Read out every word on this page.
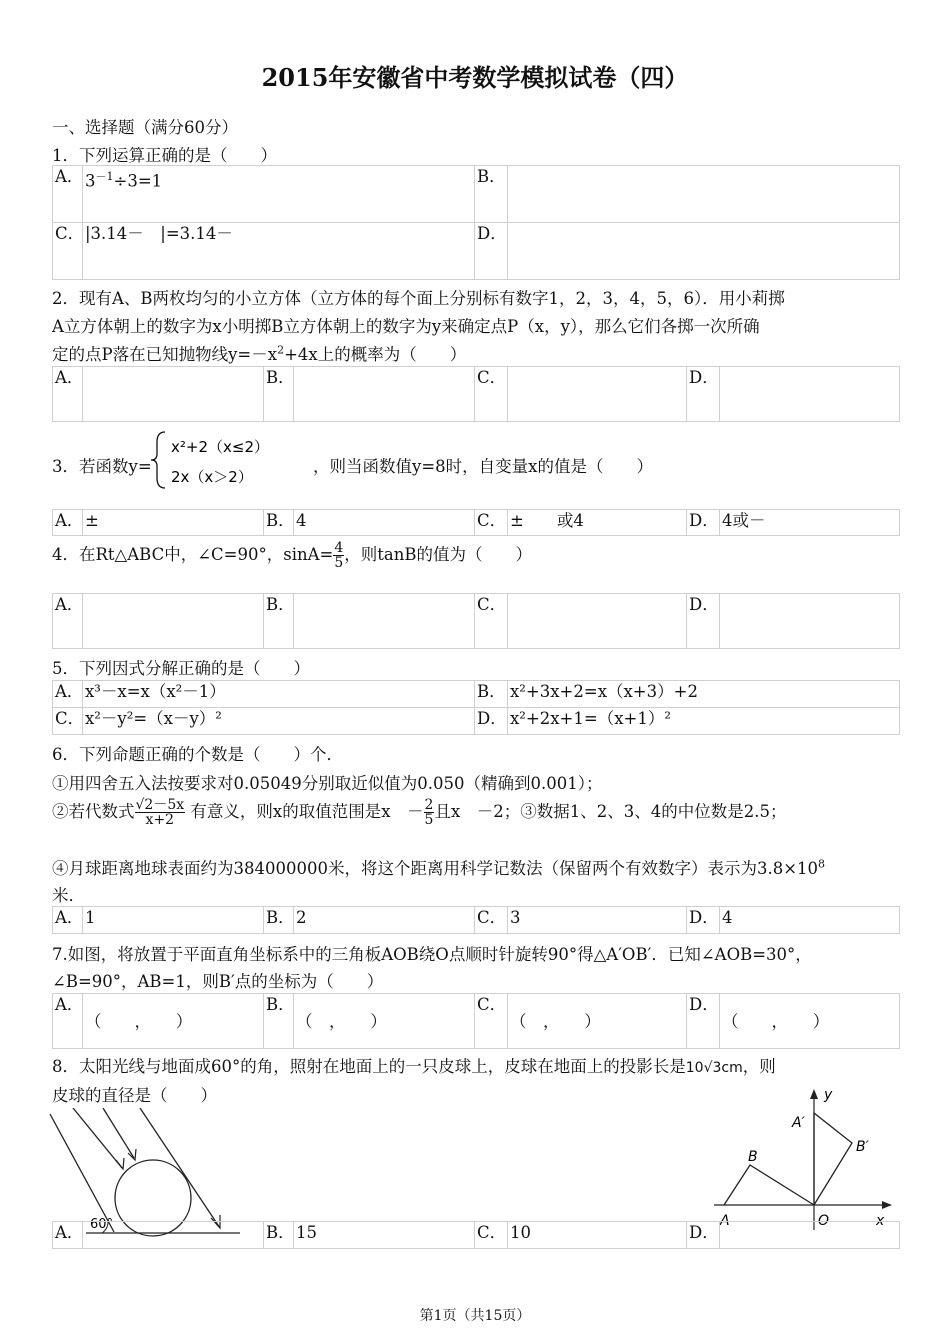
2015年安徽省中考数学模拟试卷（四）
一、选择题（满分60分）
1．下列运算正确的是（　　）
A．	$3^{-1}\div 3=1$	B．	
C．	|3.14－　|=3.14－	D．	
2．现有A、B两枚均匀的小立方体（立方体的每个面上分别标有数字1，2，3，4，5，6）．用小莉掷
A立方体朝上的数字为x小明掷B立方体朝上的数字为y来确定点P（x，y），那么它们各掷一次所确
定的点P落在已知抛物线$y=-x^2+4x$上的概率为（　　）
A．		B．		C．		D．	
3．若函数y=
x²+2（x≤2）
2x（x＞2）
，则当函数值y=8时，自变量x的值是（　　）
A．	±	B．	4	C．	±　　或4	D．	4或－
4．在Rt△ABC中，∠C=90°，$\sin A= \frac{4}{5}$ ，则tanB的值为（　　）
A．		B．		C．		D．	
5．下列因式分解正确的是（　　）
A．	x³－x=x（x²－1）	B．	x²+3x+2=x（x+3）+2
C．	x²－y²=（x－y）²	D．	x²+2x+1=（x+1）²
6．下列命题正确的个数是（　　）个．
①用四舍五入法按要求对0.05049分别取近似值为0.050（精确到0.001）；
②若代数式 $\frac{√2-5x}{x+2}$ 有意义，则x的取值范围是x　－ $\frac{2}{5}$ 且x　－2；③数据1、2、3、4的中位数是2.5；
④月球距离地球表面约为384000000米，将这个距离用科学记数法（保留两个有效数字）表示为$3.8\times 10^8$
米．
A．	1	B．	2	C．	3	D．	4
7.如图，将放置于平面直角坐标系中的三角板AOB绕O点顺时针旋转90°得△A′OB′．已知∠AOB=30°，
∠B=90°，AB=1，则B′点的坐标为（　　）
A．	（　　，　　）	B．	（　，　　）	C．	（　，　　）	D．	（　　，　　）
8．太阳光线与地面成60°的角，照射在地面上的一只皮球上，皮球在地面上的投影长是10√3cm，则
皮球的直径是（　　）
60°
y
x
A
B
O
A′
B′
A．		B．	15	C．	10	D．	
第1页（共15页）
